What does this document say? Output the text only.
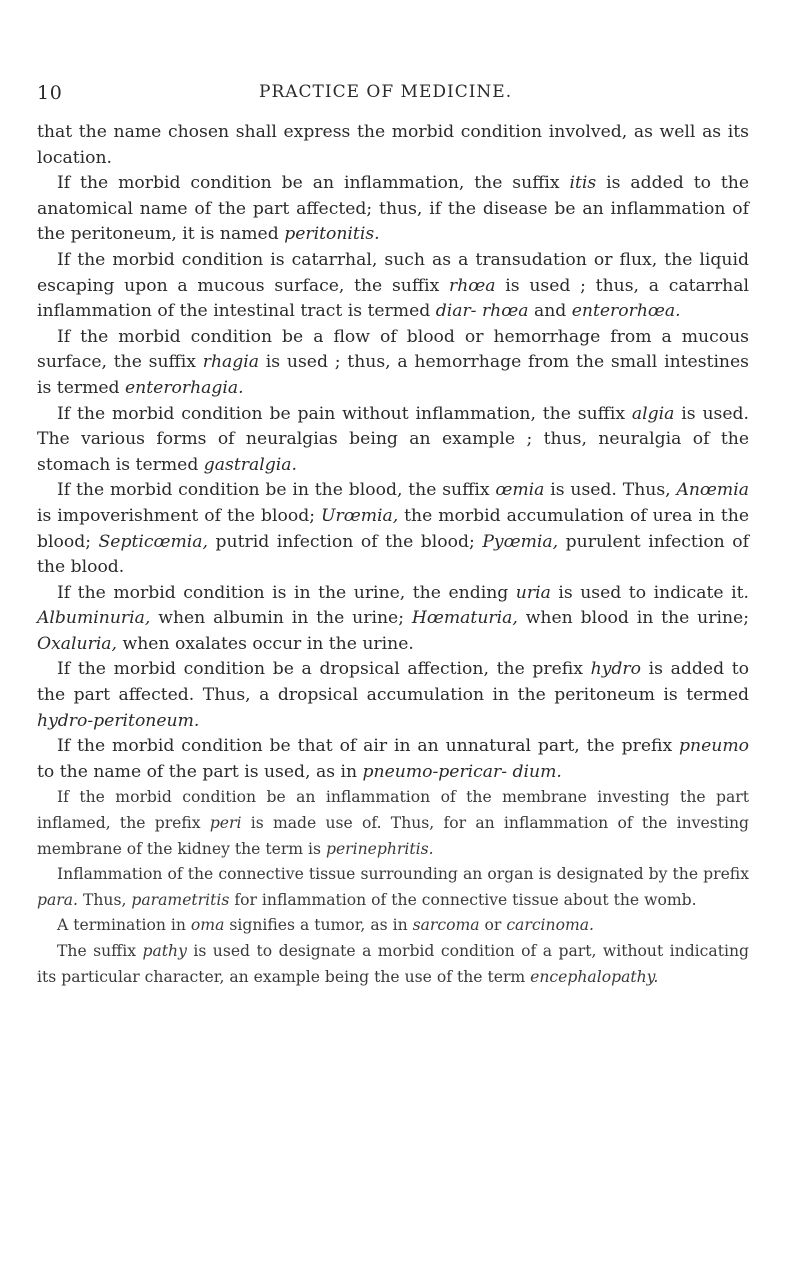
10	PRACTICE OF MEDICINE.

that the name chosen shall express the morbid condition involved, as well as its location.

If the morbid condition be an inflammation, the suffix itis is added to the anatomical name of the part affected; thus, if the disease be an inflammation of the peritoneum, it is named peritonitis.

If the morbid condition is catarrhal, such as a transudation or flux, the liquid escaping upon a mucous surface, the suffix rhœa is used ; thus, a catarrhal inflammation of the intestinal tract is termed diar- rhœa and enterorhœa.

If the morbid condition be a flow of blood or hemorrhage from a mucous surface, the suffix rhagia is used ; thus, a hemorrhage from the small intestines is termed enterorhagia.

If the morbid condition be pain without inflammation, the suffix algia is used. The various forms of neuralgias being an example ; thus, neuralgia of the stomach is termed gastralgia.

If the morbid condition be in the blood, the suffix œmia is used. Thus, Anœmia is impoverishment of the blood; Urœmia, the morbid accumulation of urea in the blood; Septicœmia, putrid infection of the blood; Pyœmia, purulent infection of the blood.

If the morbid condition is in the urine, the ending uria is used to indicate it. Albuminuria, when albumin in the urine; Hœmaturia, when blood in the urine; Oxaluria, when oxalates occur in the urine.

If the morbid condition be a dropsical affection, the prefix hydro is added to the part affected. Thus, a dropsical accumulation in the peritoneum is termed hydro-peritoneum.

If the morbid condition be that of air in an unnatural part, the prefix pneumo to the name of the part is used, as in pneumo-pericar- dium.

If the morbid condition be an inflammation of the membrane investing the part inflamed, the prefix peri is made use of. Thus, for an inflammation of the investing membrane of the kidney the term is perinephritis.

Inflammation of the connective tissue surrounding an organ is designated by the prefix para. Thus, parametritis for inflammation of the connective tissue about the womb.

A termination in oma signifies a tumor, as in sarcoma or carcinoma.

The suffix pathy is used to designate a morbid condition of a part, without indicating its particular character, an example being the use of the term encephalopathy.
